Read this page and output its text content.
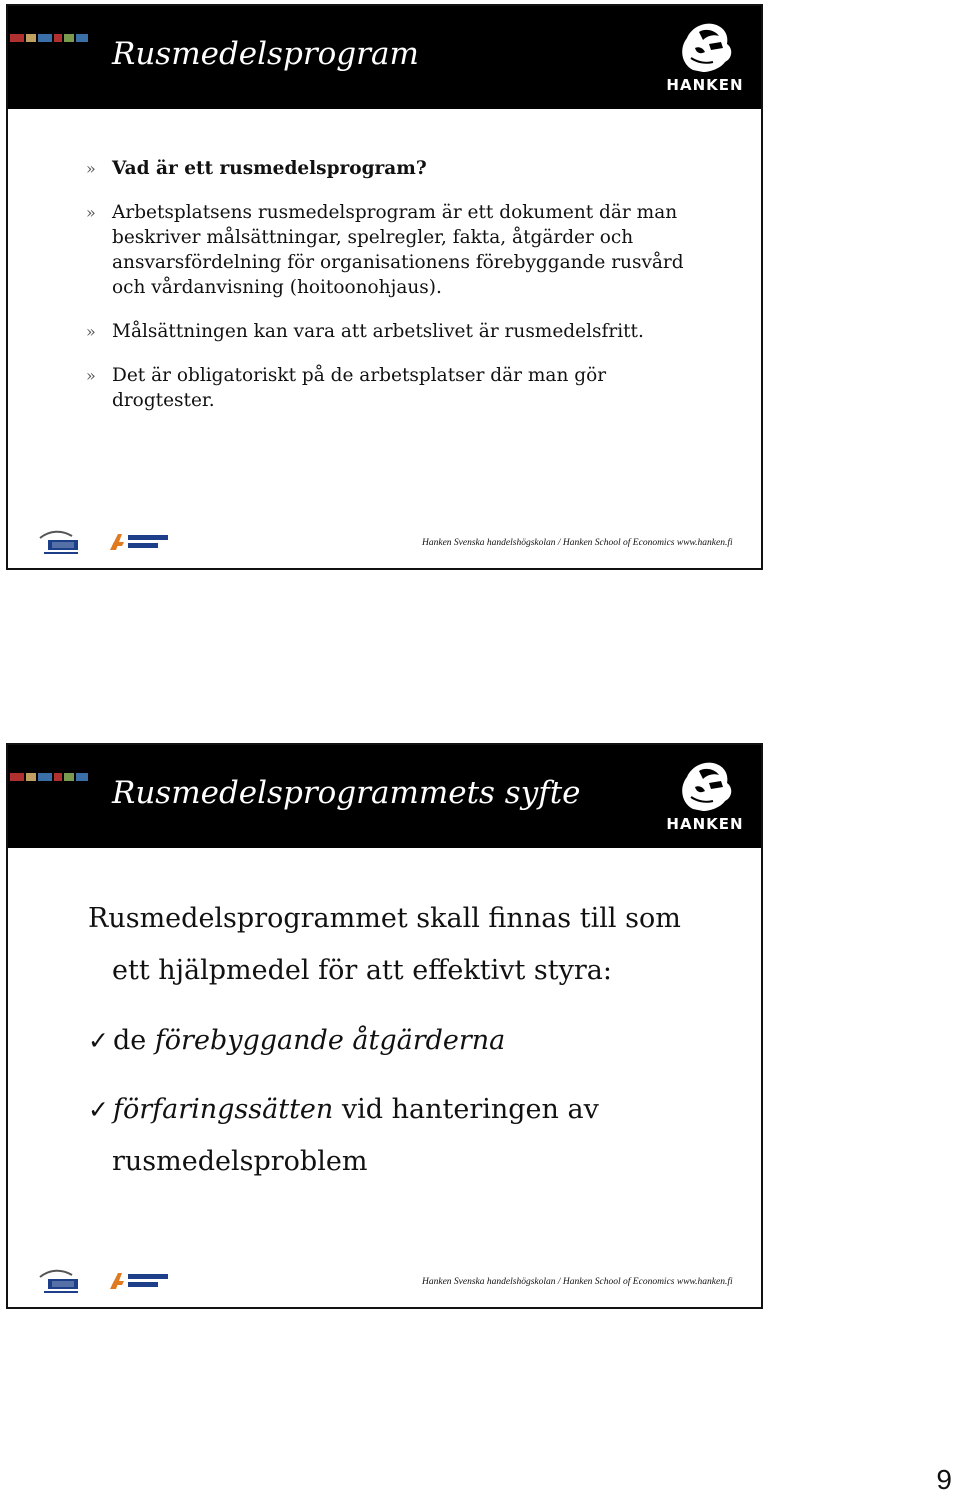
Rusmedelsprogram
HANKEN
» Vad är ett rusmedelsprogram?
» Arbetsplatsens rusmedelsprogram är ett dokument där man beskriver målsättningar, spelregler, fakta, åtgärder och ansvarsfördelning för organisationens förebyggande rusvård och vårdanvisning (hoitoonohjaus).
» Målsättningen kan vara att arbetslivet är rusmedelsfritt.
» Det är obligatoriskt på de arbetsplatser där man gör drogtester.
Hanken Svenska handelshögskolan / Hanken School of Economics www.hanken.fi
Rusmedelsprogrammets syfte
HANKEN
Rusmedelsprogrammet skall finnas till som
ett hjälpmedel för att effektivt styra:
✓ de förebyggande åtgärderna
✓ förfaringssätten vid hanteringen av
rusmedelsproblem
Hanken Svenska handelshögskolan / Hanken School of Economics www.hanken.fi
9
